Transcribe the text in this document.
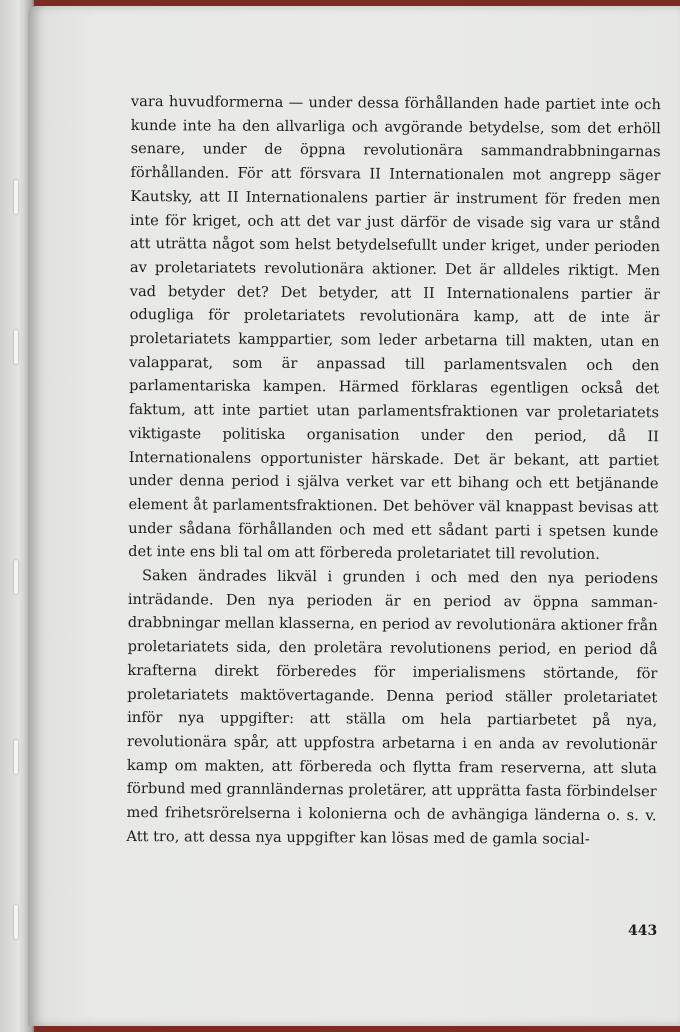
vara huvudformerna — under dessa förhållanden hade partiet inte och kunde inte ha den allvarliga och avgörande betydelse, som det erhöll senare, under de öppna revolutionära sammandrabbningarnas förhållanden. För att försvara II Internationalen mot angrepp säger Kautsky, att II Internationalens partier är instrument för freden men inte för kriget, och att det var just därför de visade sig vara ur stånd att uträtta något som helst betydelsefullt under kriget, under perioden av proletariatets revolutionära aktioner. Det är alldeles riktigt. Men vad betyder det? Det betyder, att II Internationalens partier är odugliga för proletariatets revolutionära kamp, att de inte är proletariatets kamppartier, som leder arbetarna till makten, utan en valapparat, som är anpassad till parlamentsvalen och den parlamentariska kampen. Härmed förklaras egentligen också det faktum, att inte partiet utan parlamentsfraktionen var proletariatets viktigaste politiska organisation under den period, då II Internationalens opportunister härskade. Det är bekant, att partiet under denna period i själva verket var ett bihang och ett betjänande element åt parlamentsfraktionen. Det behöver väl knappast bevisas att under sådana förhållanden och med ett sådant parti i spetsen kunde det inte ens bli tal om att förbereda proletariatet till revolution.

Saken ändrades likväl i grunden i och med den nya periodens inträdande. Den nya perioden är en period av öppna sammandrabbningar mellan klasserna, en period av revolutionära aktioner från proletariatets sida, den proletära revolutionens period, en period då krafterna direkt förberedes för imperialismens störtande, för proletariatets maktövertagande. Denna period ställer proletariatet inför nya uppgifter: att ställa om hela partiarbetet på nya, revolutionära spår, att uppfostra arbetarna i en anda av revolutionär kamp om makten, att förbereda och flytta fram reserverna, att sluta förbund med grannländernas proletärer, att upprätta fasta förbindelser med frihetsrörelserna i kolonierna och de avhängiga länderna o. s. v. Att tro, att dessa nya uppgifter kan lösas med de gamla social-

443
